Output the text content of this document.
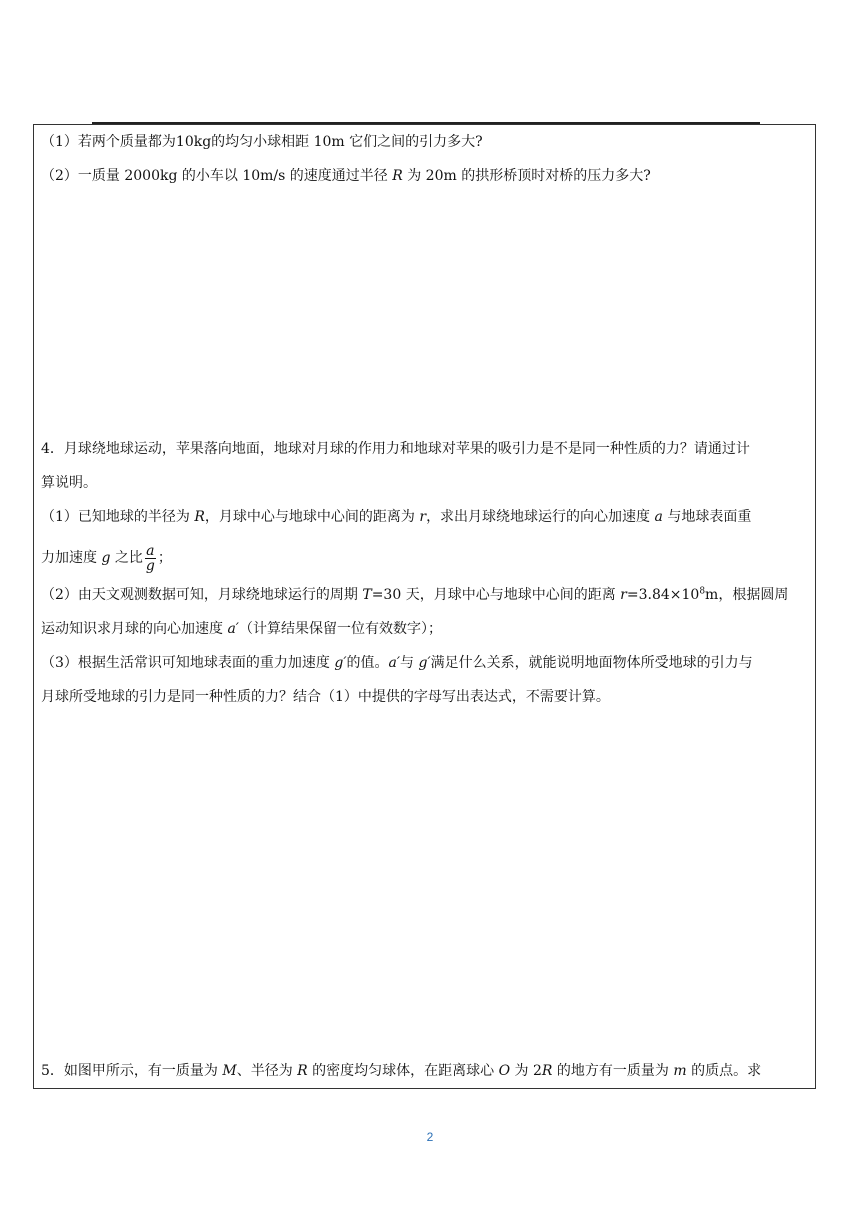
（1）若两个质量都为10kg的均匀小球相距 10m 它们之间的引力多大?
（2）一质量 2000kg 的小车以 10m/s 的速度通过半径 R 为 20m 的拱形桥顶时对桥的压力多大?
4．月球绕地球运动，苹果落向地面，地球对月球的作用力和地球对苹果的吸引力是不是同一种性质的力？请通过计
算说明。
（1）已知地球的半径为 R，月球中心与地球中心间的距离为 r，求出月球绕地球运行的向心加速度 a 与地球表面重
力加速度 g 之比 $\frac{a}{g}$ ；
（2）由天文观测数据可知，月球绕地球运行的周期 T=30 天，月球中心与地球中心间的距离 $r=3.84\times 10^8m$，根据圆周
运动知识求月球的向心加速度 a′（计算结果保留一位有效数字）；
（3）根据生活常识可知地球表面的重力加速度 g′的值。a′与 g′满足什么关系，就能说明地面物体所受地球的引力与
月球所受地球的引力是同一种性质的力？结合（1）中提供的字母写出表达式，不需要计算。
5．如图甲所示，有一质量为 M、半径为 R 的密度均匀球体，在距离球心 O 为 2R 的地方有一质量为 m 的质点。求
2
